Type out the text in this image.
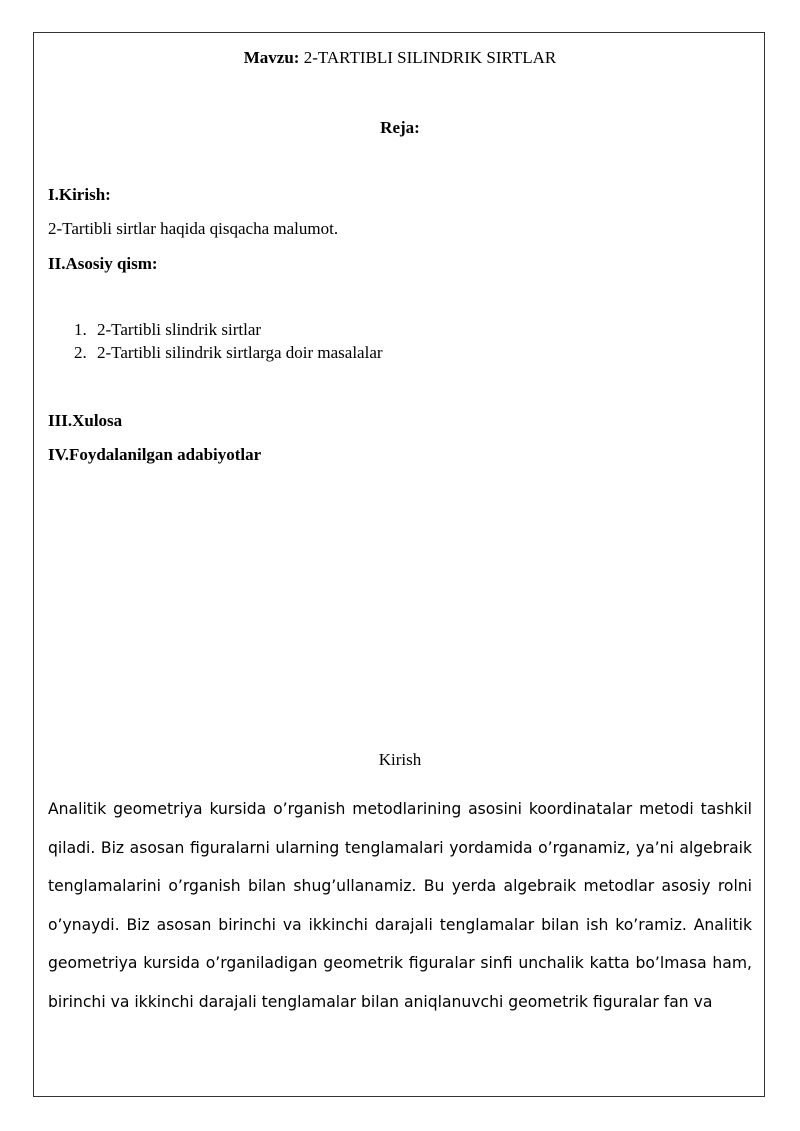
Mavzu: 2-TARTIBLI SILINDRIK SIRTLAR
Reja:
I.Kirish:
2-Tartibli sirtlar haqida qisqacha malumot.
II.Asosiy qism:
1. 2-Tartibli slindrik sirtlar
2. 2-Tartibli silindrik sirtlarga doir masalalar
III.Xulosa
IV.Foydalanilgan adabiyotlar
Kirish
Analitik geometriya kursida o’rganish metodlarining asosini koordinatalar metodi tashkil qiladi. Biz asosan figuralarni ularning tenglamalari yordamida o’rganamiz, ya’ni algebraik tenglamalarini o’rganish bilan shug’ullanamiz. Bu yerda algebraik metodlar asosiy rolni o’ynaydi. Biz asosan birinchi va ikkinchi darajali tenglamalar bilan ish ko’ramiz. Analitik geometriya kursida o’rganiladigan geometrik figuralar sinfi unchalik katta bo’lmasa ham, birinchi va ikkinchi darajali tenglamalar bilan aniqlanuvchi geometrik figuralar fan va
